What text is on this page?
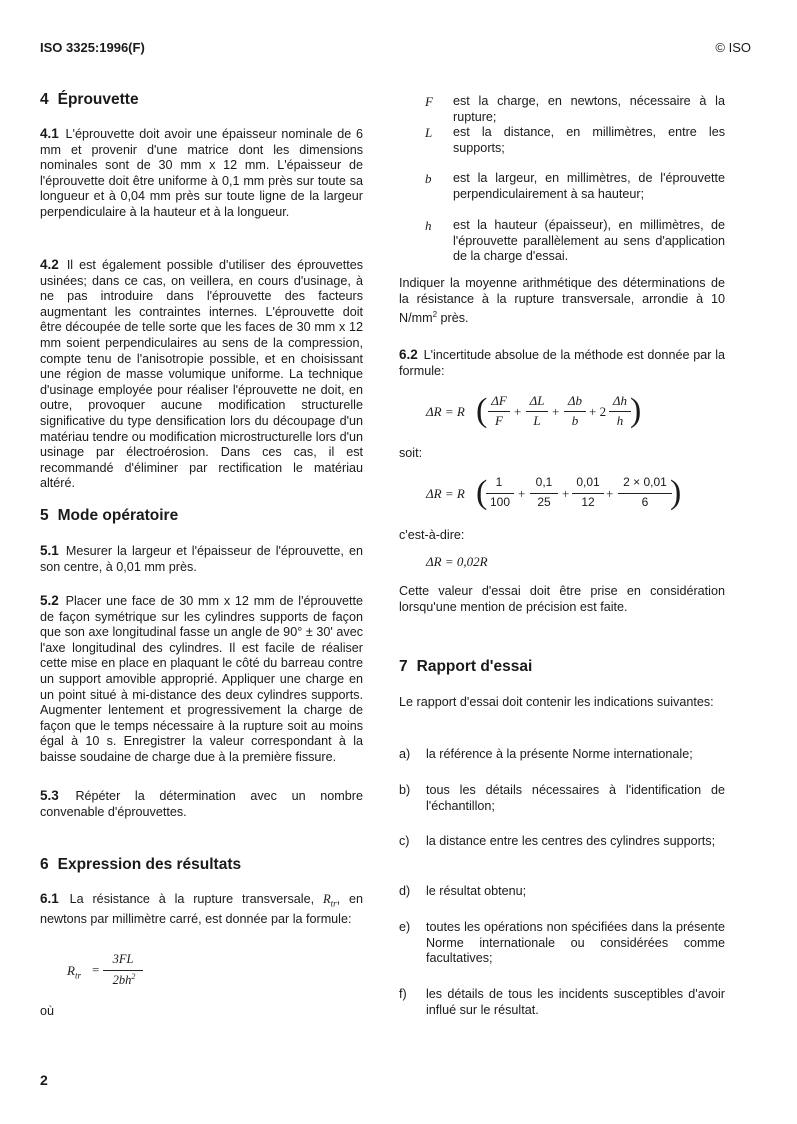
ISO 3325:1996(F)	© ISO
4 Éprouvette

4.1 L'éprouvette doit avoir une épaisseur nominale de 6 mm et provenir d'une matrice dont les dimensions nominales sont de 30 mm x 12 mm. L'épaisseur de l'éprouvette doit être uniforme à 0,1 mm près sur toute sa longueur et à 0,04 mm près sur toute ligne de la largeur perpendiculaire à la hauteur et à la longueur.

4.2 Il est également possible d'utiliser des éprouvettes usinées; dans ce cas, on veillera, en cours d'usinage, à ne pas introduire dans l'éprouvette des facteurs augmentant les contraintes internes. L'éprouvette doit être découpée de telle sorte que les faces de 30 mm x 12 mm soient perpendiculaires au sens de la compression, compte tenu de l'anisotropie possible, et en choisissant une région de masse volumique uniforme. La technique d'usinage employée pour réaliser l'éprouvette ne doit, en outre, provoquer aucune modification structurelle significative du type densification lors du découpage d'un matériau tendre ou modification microstructurelle lors d'un usinage par électroérosion. Dans ces cas, il est recommandé d'éliminer par rectification le matériau altéré.

5 Mode opératoire

5.1 Mesurer la largeur et l'épaisseur de l'éprouvette, en son centre, à 0,01 mm près.

5.2 Placer une face de 30 mm x 12 mm de l'éprouvette de façon symétrique sur les cylindres supports de façon que son axe longitudinal fasse un angle de 90° ± 30' avec l'axe longitudinal des cylindres. Il est facile de réaliser cette mise en place en plaquant le côté du barreau contre un support amovible approprié. Appliquer une charge en un point situé à mi-distance des deux cylindres supports. Augmenter lentement et progressivement la charge de façon que le temps nécessaire à la rupture soit au moins égal à 10 s. Enregistrer la valeur correspondant à la baisse soudaine de charge due à la première fissure.

5.3 Répéter la détermination avec un nombre convenable d'éprouvettes.

6 Expression des résultats

6.1 La résistance à la rupture transversale, $R_{tr}$, en newtons par millimètre carré, est donnée par la formule:

$R_{tr}$ =
3FL
$2bh^2$
où
F est la charge, en newtons, nécessaire à la rupture;
L est la distance, en millimètres, entre les supports;
b est la largeur, en millimètres, de l'éprouvette perpendiculairement à sa hauteur;
h est la hauteur (épaisseur), en millimètres, de l'éprouvette parallèlement au sens d'application de la charge d'essai.

Indiquer la moyenne arithmétique des déterminations de la résistance à la rupture transversale, arrondie à 10 $N/mm^2$ près.

6.2 L'incertitude absolue de la méthode est donnée par la formule:

ΔR = R ( ΔF
F
+
ΔL
L
+
Δb
b
+ 2
Δh
h )
soit:
ΔR = R ( 1
100
+
0,1
25
+
0,01
12
+
2 × 0,01
6 )
c'est-à-dire:
ΔR = 0,02R

Cette valeur d'essai doit être prise en considération lorsqu'une mention de précision est faite.

7 Rapport d'essai

Le rapport d'essai doit contenir les indications suivantes:

a) la référence à la présente Norme internationale;
b) tous les détails nécessaires à l'identification de l'échantillon;
c) la distance entre les centres des cylindres supports;
d) le résultat obtenu;
e) toutes les opérations non spécifiées dans la présente Norme internationale ou considérées comme facultatives;
f) les détails de tous les incidents susceptibles d'avoir influé sur le résultat.
2
